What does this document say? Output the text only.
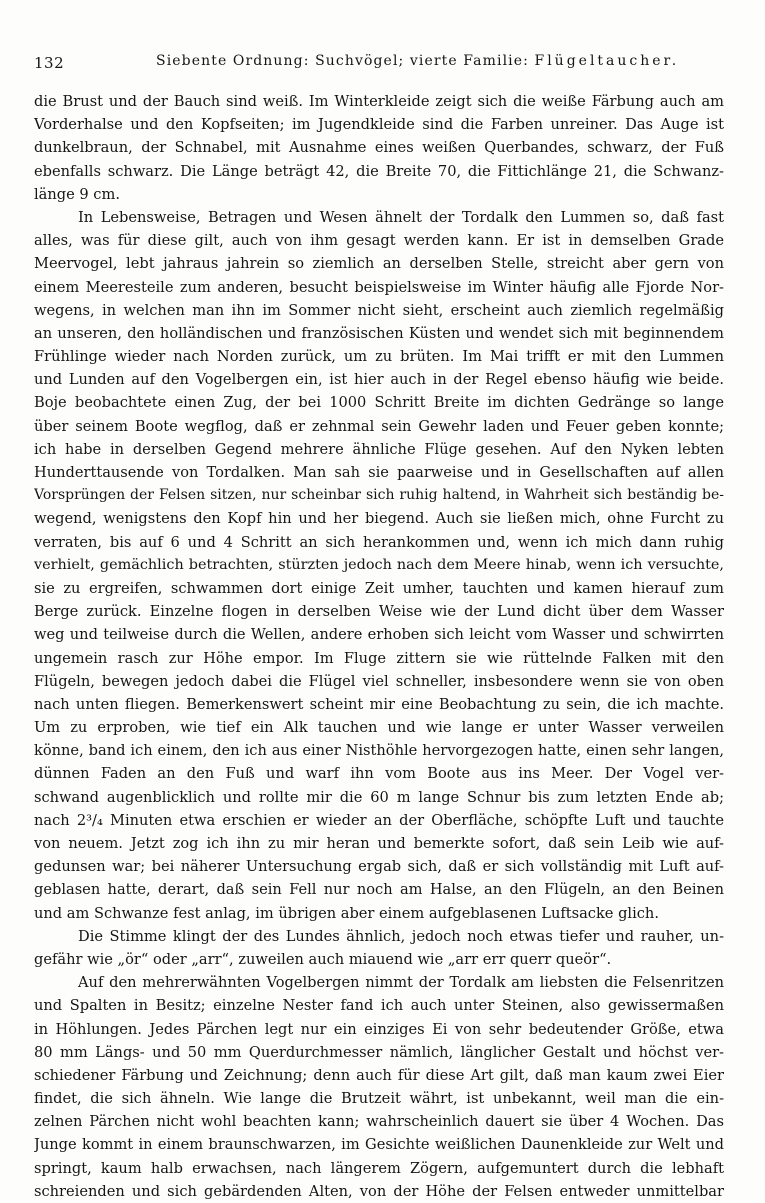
132	Siebente Ordnung: Suchvögel; vierte Familie: Flügeltaucher.
die Brust und der Bauch sind weiß. Im Winterkleide zeigt sich die weiße Färbung auch am
Vorderhalse und den Kopfseiten; im Jugendkleide sind die Farben unreiner. Das Auge ist
dunkelbraun, der Schnabel, mit Ausnahme eines weißen Querbandes, schwarz, der Fuß
ebenfalls schwarz. Die Länge beträgt 42, die Breite 70, die Fittichlänge 21, die Schwanz-
länge 9 cm.
In Lebensweise, Betragen und Wesen ähnelt der Tordalk den Lummen so, daß fast
alles, was für diese gilt, auch von ihm gesagt werden kann. Er ist in demselben Grade
Meervogel, lebt jahraus jahrein so ziemlich an derselben Stelle, streicht aber gern von
einem Meeresteile zum anderen, besucht beispielsweise im Winter häufig alle Fjorde Nor-
wegens, in welchen man ihn im Sommer nicht sieht, erscheint auch ziemlich regelmäßig
an unseren, den holländischen und französischen Küsten und wendet sich mit beginnendem
Frühlinge wieder nach Norden zurück, um zu brüten. Im Mai trifft er mit den Lummen
und Lunden auf den Vogelbergen ein, ist hier auch in der Regel ebenso häufig wie beide.
Boje beobachtete einen Zug, der bei 1000 Schritt Breite im dichten Gedränge so lange
über seinem Boote wegflog, daß er zehnmal sein Gewehr laden und Feuer geben konnte;
ich habe in derselben Gegend mehrere ähnliche Flüge gesehen. Auf den Nyken lebten
Hunderttausende von Tordalken. Man sah sie paarweise und in Gesellschaften auf allen
Vorsprüngen der Felsen sitzen, nur scheinbar sich ruhig haltend, in Wahrheit sich beständig be-
wegend, wenigstens den Kopf hin und her biegend. Auch sie ließen mich, ohne Furcht zu
verraten, bis auf 6 und 4 Schritt an sich herankommen und, wenn ich mich dann ruhig
verhielt, gemächlich betrachten, stürzten jedoch nach dem Meere hinab, wenn ich versuchte,
sie zu ergreifen, schwammen dort einige Zeit umher, tauchten und kamen hierauf zum
Berge zurück. Einzelne flogen in derselben Weise wie der Lund dicht über dem Wasser
weg und teilweise durch die Wellen, andere erhoben sich leicht vom Wasser und schwirrten
ungemein rasch zur Höhe empor. Im Fluge zittern sie wie rüttelnde Falken mit den
Flügeln, bewegen jedoch dabei die Flügel viel schneller, insbesondere wenn sie von oben
nach unten fliegen. Bemerkenswert scheint mir eine Beobachtung zu sein, die ich machte.
Um zu erproben, wie tief ein Alk tauchen und wie lange er unter Wasser verweilen
könne, band ich einem, den ich aus einer Nisthöhle hervorgezogen hatte, einen sehr langen,
dünnen Faden an den Fuß und warf ihn vom Boote aus ins Meer. Der Vogel ver-
schwand augenblicklich und rollte mir die 60 m lange Schnur bis zum letzten Ende ab;
nach 2³/₄ Minuten etwa erschien er wieder an der Oberfläche, schöpfte Luft und tauchte
von neuem. Jetzt zog ich ihn zu mir heran und bemerkte sofort, daß sein Leib wie auf-
gedunsen war; bei näherer Untersuchung ergab sich, daß er sich vollständig mit Luft auf-
geblasen hatte, derart, daß sein Fell nur noch am Halse, an den Flügeln, an den Beinen
und am Schwanze fest anlag, im übrigen aber einem aufgeblasenen Luftsacke glich.
Die Stimme klingt der des Lundes ähnlich, jedoch noch etwas tiefer und rauher, un-
gefähr wie „ör“ oder „arr“, zuweilen auch miauend wie „arr err querr queör“.
Auf den mehrerwähnten Vogelbergen nimmt der Tordalk am liebsten die Felsenritzen
und Spalten in Besitz; einzelne Nester fand ich auch unter Steinen, also gewissermaßen
in Höhlungen. Jedes Pärchen legt nur ein einziges Ei von sehr bedeutender Größe, etwa
80 mm Längs- und 50 mm Querdurchmesser nämlich, länglicher Gestalt und höchst ver-
schiedener Färbung und Zeichnung; denn auch für diese Art gilt, daß man kaum zwei Eier
findet, die sich ähneln. Wie lange die Brutzeit währt, ist unbekannt, weil man die ein-
zelnen Pärchen nicht wohl beachten kann; wahrscheinlich dauert sie über 4 Wochen. Das
Junge kommt in einem braunschwarzen, im Gesichte weißlichen Daunenkleide zur Welt und
springt, kaum halb erwachsen, nach längerem Zögern, aufgemuntert durch die lebhaft
schreienden und sich gebärdenden Alten, von der Höhe der Felsen entweder unmittelbar
